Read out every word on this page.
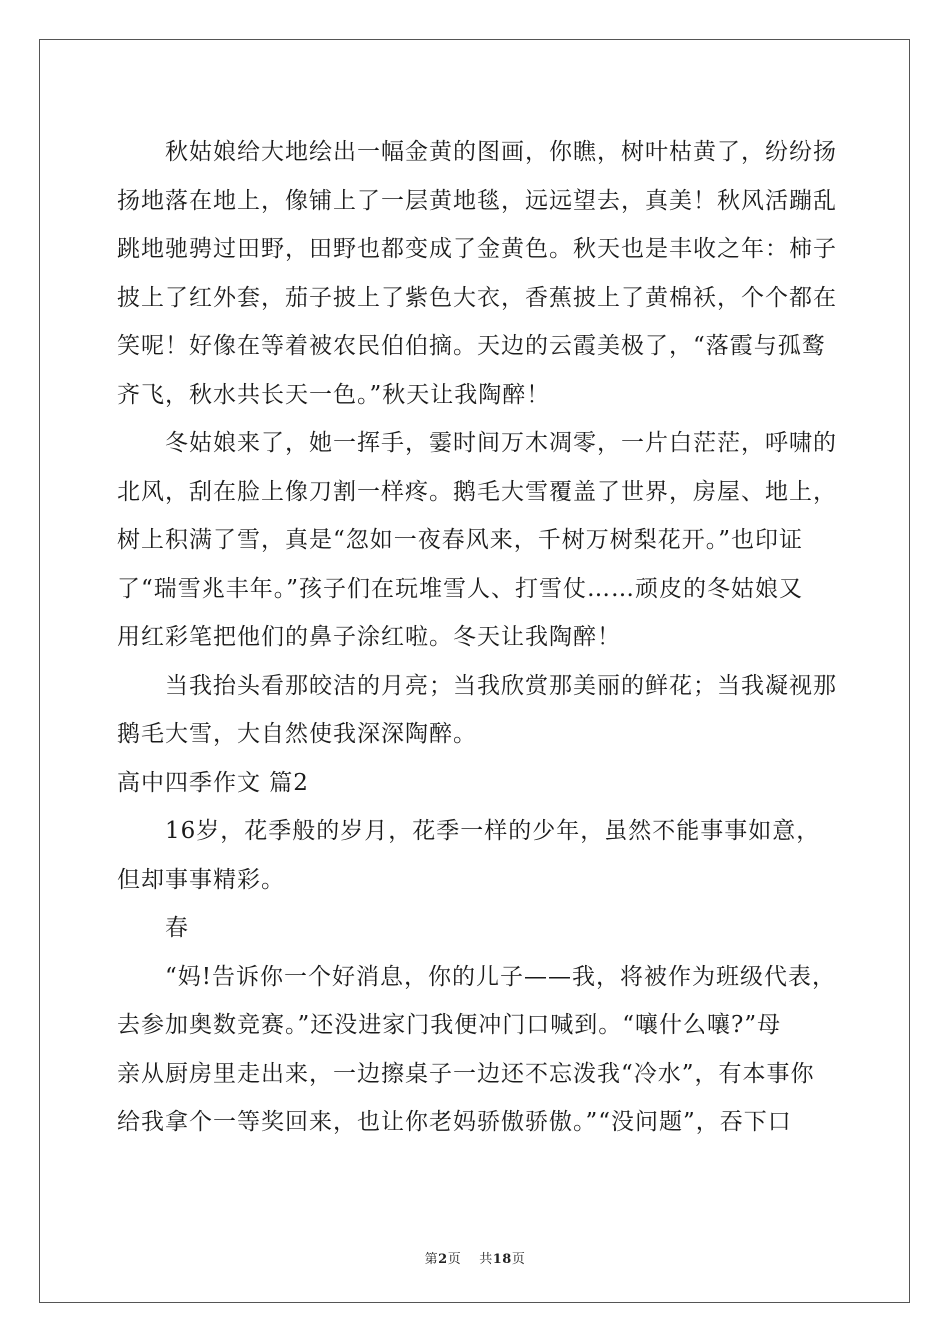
秋姑娘给大地绘出一幅金黄的图画，你瞧，树叶枯黄了，纷纷扬
扬地落在地上，像铺上了一层黄地毯，远远望去，真美！秋风活蹦乱
跳地驰骋过田野，田野也都变成了金黄色。秋天也是丰收之年：柿子
披上了红外套，茄子披上了紫色大衣，香蕉披上了黄棉袄，个个都在
笑呢！好像在等着被农民伯伯摘。天边的云霞美极了，“落霞与孤鹜
齐飞，秋水共长天一色。”秋天让我陶醉！

冬姑娘来了，她一挥手，霎时间万木凋零，一片白茫茫，呼啸的
北风，刮在脸上像刀割一样疼。鹅毛大雪覆盖了世界，房屋、地上，
树上积满了雪，真是“忽如一夜春风来，千树万树梨花开。”也印证
了“瑞雪兆丰年。”孩子们在玩堆雪人、打雪仗……顽皮的冬姑娘又
用红彩笔把他们的鼻子涂红啦。冬天让我陶醉！

当我抬头看那皎洁的月亮；当我欣赏那美丽的鲜花；当我凝视那
鹅毛大雪，大自然使我深深陶醉。

高中四季作文 篇2

16岁，花季般的岁月，花季一样的少年，虽然不能事事如意，
但却事事精彩。

春

“妈!告诉你一个好消息，你的儿子——我，将被作为班级代表，
去参加奥数竞赛。”还没进家门我便冲门口喊到。“嚷什么嚷?”母
亲从厨房里走出来，一边擦桌子一边还不忘泼我“冷水”，有本事你
给我拿个一等奖回来，也让你老妈骄傲骄傲。”“没问题”，吞下口

第2页 共18页
